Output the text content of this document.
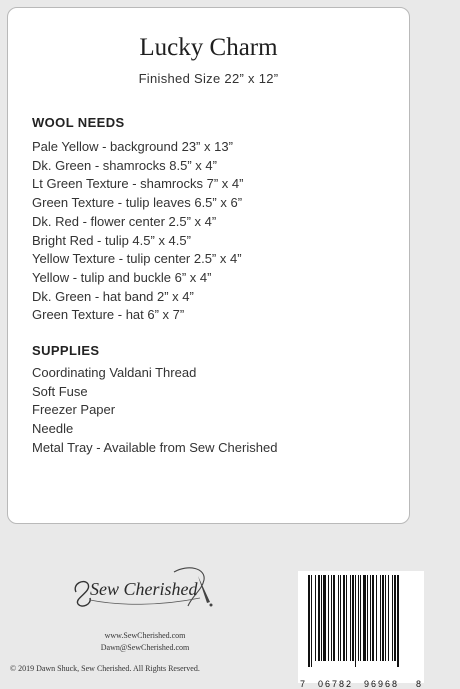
Lucky Charm
Finished Size 22” x 12”
WOOL NEEDS
Pale Yellow - background 23” x 13”
Dk. Green - shamrocks 8.5” x 4”
Lt Green Texture - shamrocks 7” x 4”
Green Texture - tulip leaves 6.5” x 6”
Dk. Red - flower center 2.5” x 4”
Bright Red - tulip 4.5” x 4.5”
Yellow Texture - tulip center 2.5” x 4”
Yellow - tulip and buckle 6” x 4”
Dk. Green - hat band 2” x 4”
Green Texture - hat 6” x 7”
SUPPLIES
Coordinating Valdani Thread
Soft Fuse
Freezer Paper
Needle
Metal Tray - Available from Sew Cherished
Sew Cherished
www.SewCherished.com
Dawn@SewCherished.com
© 2019 Dawn Shuck, Sew Cherished. All Rights Reserved.
7 06782 96968 8
